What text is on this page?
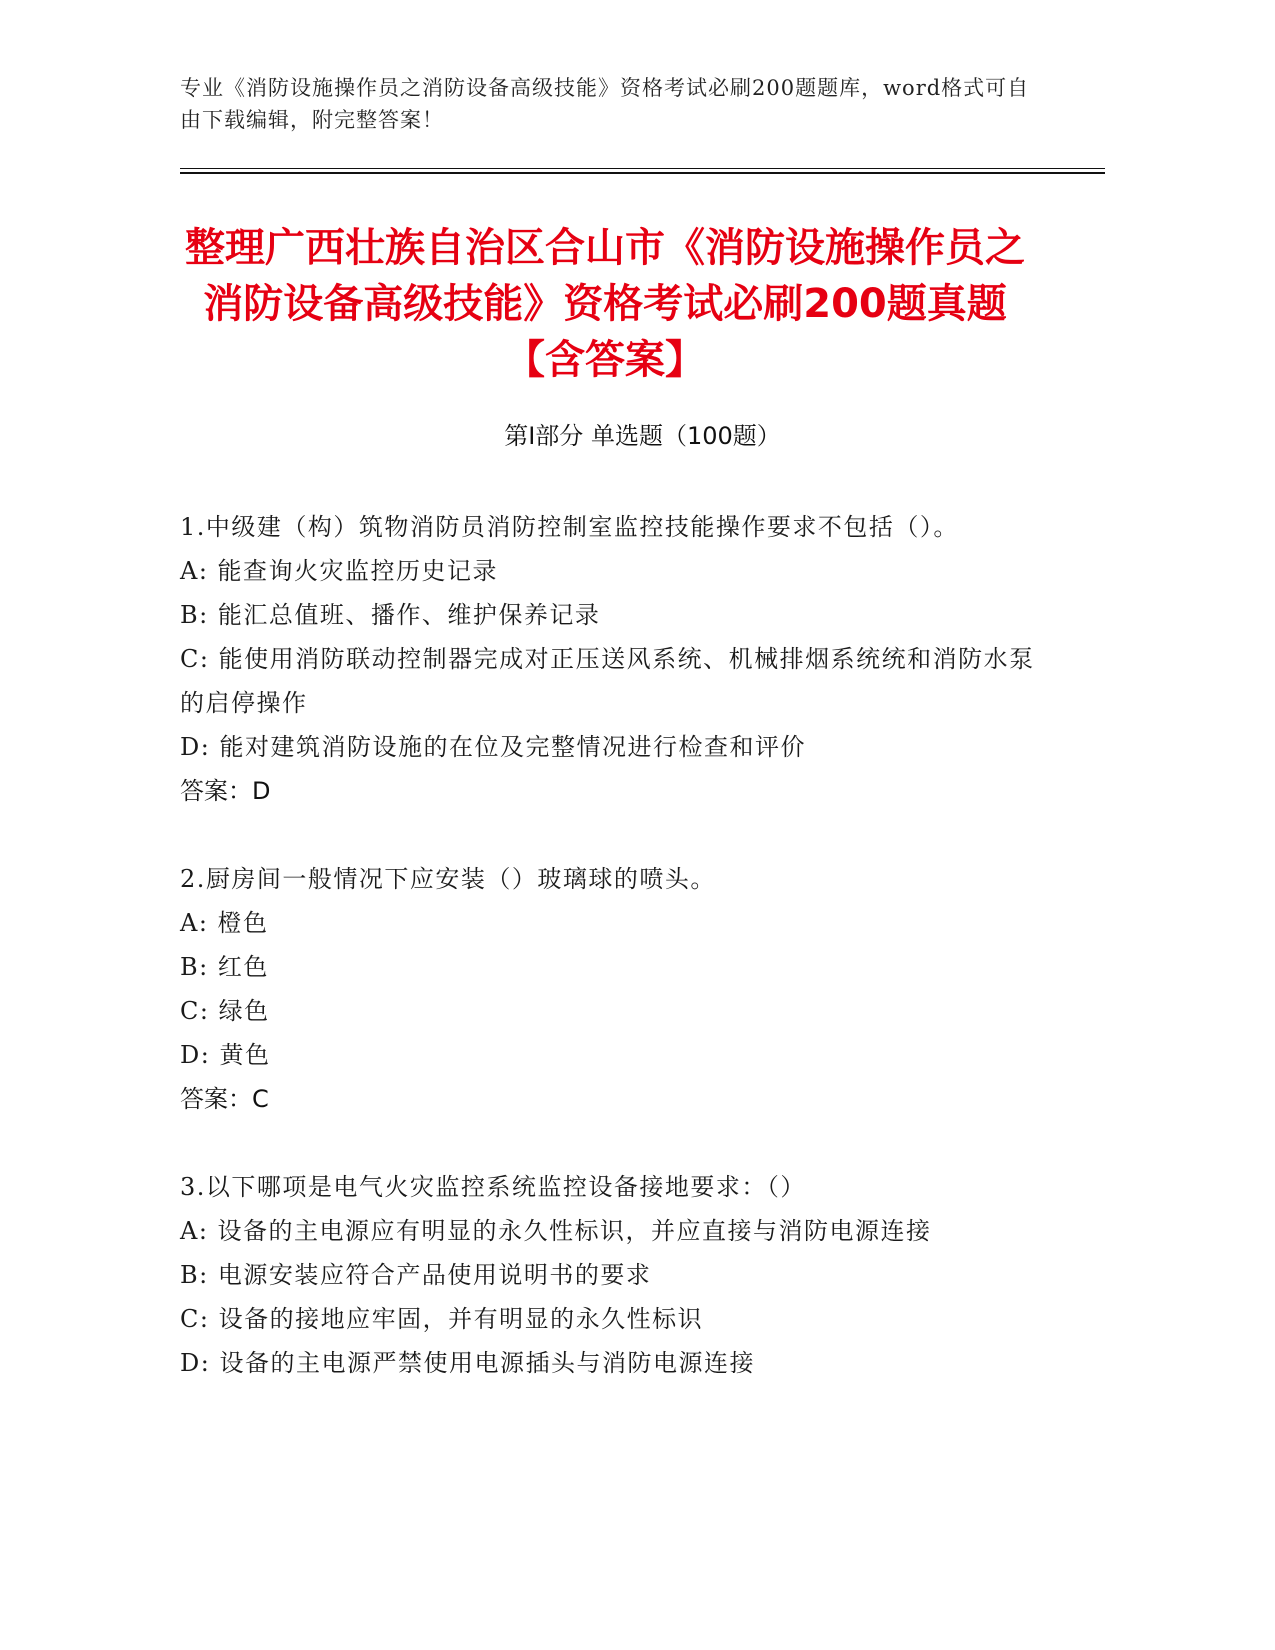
专业《消防设施操作员之消防设备高级技能》资格考试必刷200题题库，word格式可自由下载编辑，附完整答案！
整理广西壮族自治区合山市《消防设施操作员之消防设备高级技能》资格考试必刷200题真题【含答案】
第Ⅰ部分 单选题（100题）
1.中级建（构）筑物消防员消防控制室监控技能操作要求不包括（）。
A: 能查询火灾监控历史记录
B: 能汇总值班、播作、维护保养记录
C: 能使用消防联动控制器完成对正压送风系统、机械排烟系统统和消防水泵的启停操作
D: 能对建筑消防设施的在位及完整情况进行检查和评价
答案：D
2.厨房间一般情况下应安装（）玻璃球的喷头。
A: 橙色
B: 红色
C: 绿色
D: 黄色
答案：C
3.以下哪项是电气火灾监控系统监控设备接地要求：（）
A: 设备的主电源应有明显的永久性标识，并应直接与消防电源连接
B: 电源安装应符合产品使用说明书的要求
C: 设备的接地应牢固，并有明显的永久性标识
D: 设备的主电源严禁使用电源插头与消防电源连接
